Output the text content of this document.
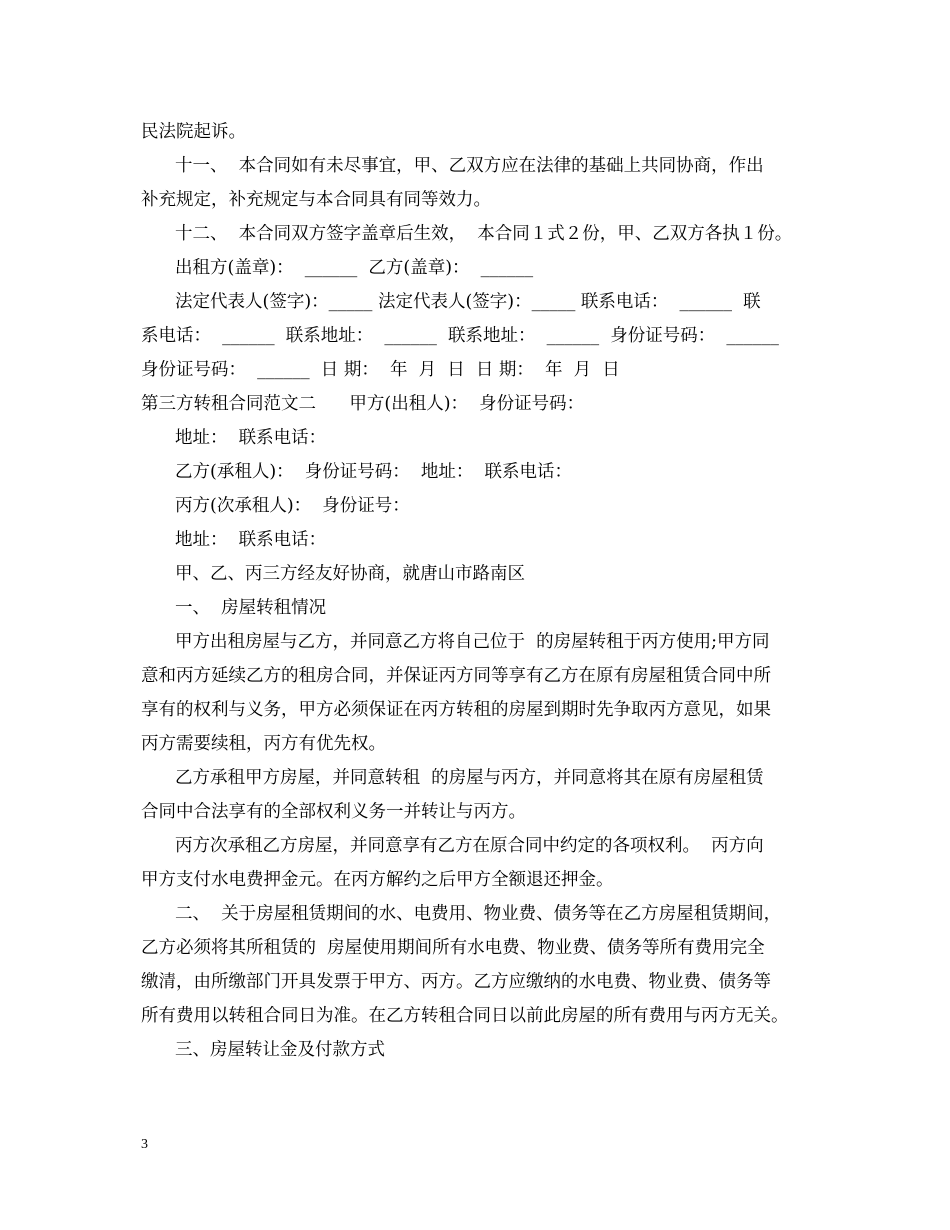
民法院起诉。
十一、  本合同如有未尽事宜，甲、乙双方应在法律的基础上共同协商，作出
补充规定，补充规定与本合同具有同等效力。
十二、  本合同双方签字盖章后生效，  本合同１式２份，甲、乙双方各执１份。
出租方(盖章)：  ______  乙方(盖章)：  ______
法定代表人(签字)：_____ 法定代表人(签字)：_____ 联系电话：  ______  联
系电话：  ______  联系地址：  ______  联系地址：  ______  身份证号码：  ______
身份证号码：  ______  日 期：  年  月  日  日 期：  年  月  日
第三方转租合同范文二      甲方(出租人)：  身份证号码：
地址：  联系电话：
乙方(承租人)：  身份证号码：  地址：  联系电话：
丙方(次承租人)：  身份证号：
地址：  联系电话：
甲、乙、丙三方经友好协商，就唐山市路南区
一、  房屋转租情况
甲方出租房屋与乙方，并同意乙方将自己位于  的房屋转租于丙方使用;甲方同
意和丙方延续乙方的租房合同，并保证丙方同等享有乙方在原有房屋租赁合同中所
享有的权利与义务，甲方必须保证在丙方转租的房屋到期时先争取丙方意见，如果
丙方需要续租，丙方有优先权。
乙方承租甲方房屋，并同意转租  的房屋与丙方，并同意将其在原有房屋租赁
合同中合法享有的全部权利义务一并转让与丙方。
丙方次承租乙方房屋，并同意享有乙方在原合同中约定的各项权利。  丙方向
甲方支付水电费押金元。在丙方解约之后甲方全额退还押金。
二、  关于房屋租赁期间的水、电费用、物业费、债务等在乙方房屋租赁期间，
乙方必须将其所租赁的  房屋使用期间所有水电费、物业费、债务等所有费用完全
缴清，由所缴部门开具发票于甲方、丙方。乙方应缴纳的水电费、物业费、债务等
所有费用以转租合同日为准。在乙方转租合同日以前此房屋的所有费用与丙方无关。
三、房屋转让金及付款方式
3
